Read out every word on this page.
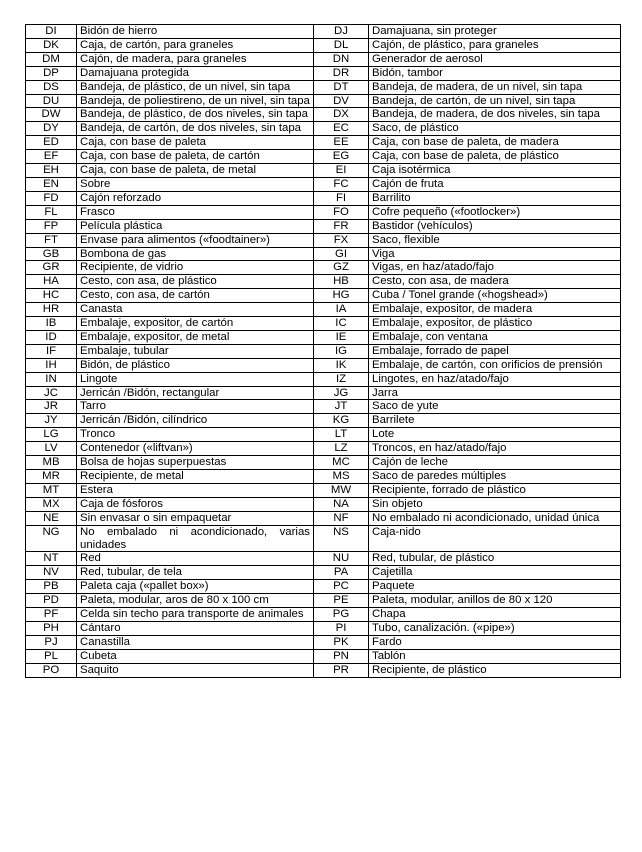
DI	Bidón de hierro	DJ	Damajuana, sin proteger
DK	Caja, de cartón, para graneles	DL	Cajón, de plástico, para graneles
DM	Cajón, de madera, para graneles	DN	Generador de aerosol
DP	Damajuana protegida	DR	Bidón, tambor
DS	Bandeja, de plástico, de un nivel, sin tapa	DT	Bandeja, de madera, de un nivel, sin tapa
DU	Bandeja, de poliestireno, de un nivel, sin tapa	DV	Bandeja, de cartón, de un nivel, sin tapa
DW	Bandeja, de plástico, de dos niveles, sin tapa	DX	Bandeja, de madera, de dos niveles, sin tapa
DY	Bandeja, de cartón, de dos niveles, sin tapa	EC	Saco, de plástico
ED	Caja, con base de paleta	EE	Caja, con base de paleta, de madera
EF	Caja, con base de paleta, de cartón	EG	Caja, con base de paleta, de plástico
EH	Caja, con base de paleta, de metal	EI	Caja isotérmica
EN	Sobre	FC	Cajón de fruta
FD	Cajón reforzado	FI	Barrilito
FL	Frasco	FO	Cofre pequeño («footlocker»)
FP	Película plástica	FR	Bastidor (vehículos)
FT	Envase para alimentos («foodtainer»)	FX	Saco, flexible
GB	Bombona de gas	GI	Viga
GR	Recipiente, de vidrio	GZ	Vigas, en haz/atado/fajo
HA	Cesto, con asa, de plástico	HB	Cesto, con asa, de madera
HC	Cesto, con asa, de cartón	HG	Cuba / Tonel grande («hogshead»)
HR	Canasta	IA	Embalaje, expositor, de madera
IB	Embalaje, expositor, de cartón	IC	Embalaje, expositor, de plástico
ID	Embalaje, expositor, de metal	IE	Embalaje, con ventana
IF	Embalaje, tubular	IG	Embalaje, forrado de papel
IH	Bidón, de plástico	IK	Embalaje, de cartón, con orificios de prensión
IN	Lingote	IZ	Lingotes, en haz/atado/fajo
JC	Jerricán /Bidón, rectangular	JG	Jarra
JR	Tarro	JT	Saco de yute
JY	Jerricán /Bidón, cilíndrico	KG	Barrilete
LG	Tronco	LT	Lote
LV	Contenedor («liftvan»)	LZ	Troncos, en haz/atado/fajo
MB	Bolsa de hojas superpuestas	MC	Cajón de leche
MR	Recipiente, de metal	MS	Saco de paredes múltiples
MT	Estera	MW	Recipiente, forrado de plástico
MX	Caja de fósforos	NA	Sin objeto
NE	Sin envasar o sin empaquetar	NF	No embalado ni acondicionado, unidad única
NG	No embalado ni acondicionado, varias unidades	NS	Caja-nido
NT	Red	NU	Red, tubular, de plástico
NV	Red, tubular, de tela	PA	Cajetilla
PB	Paleta caja («pallet box»)	PC	Paquete
PD	Paleta, modular, aros de 80 x 100 cm	PE	Paleta, modular, anillos de 80 x 120
PF	Celda sin techo para transporte de animales	PG	Chapa
PH	Cántaro	PI	Tubo, canalización. («pipe»)
PJ	Canastilla	PK	Fardo
PL	Cubeta	PN	Tablón
PO	Saquito	PR	Recipiente, de plástico
